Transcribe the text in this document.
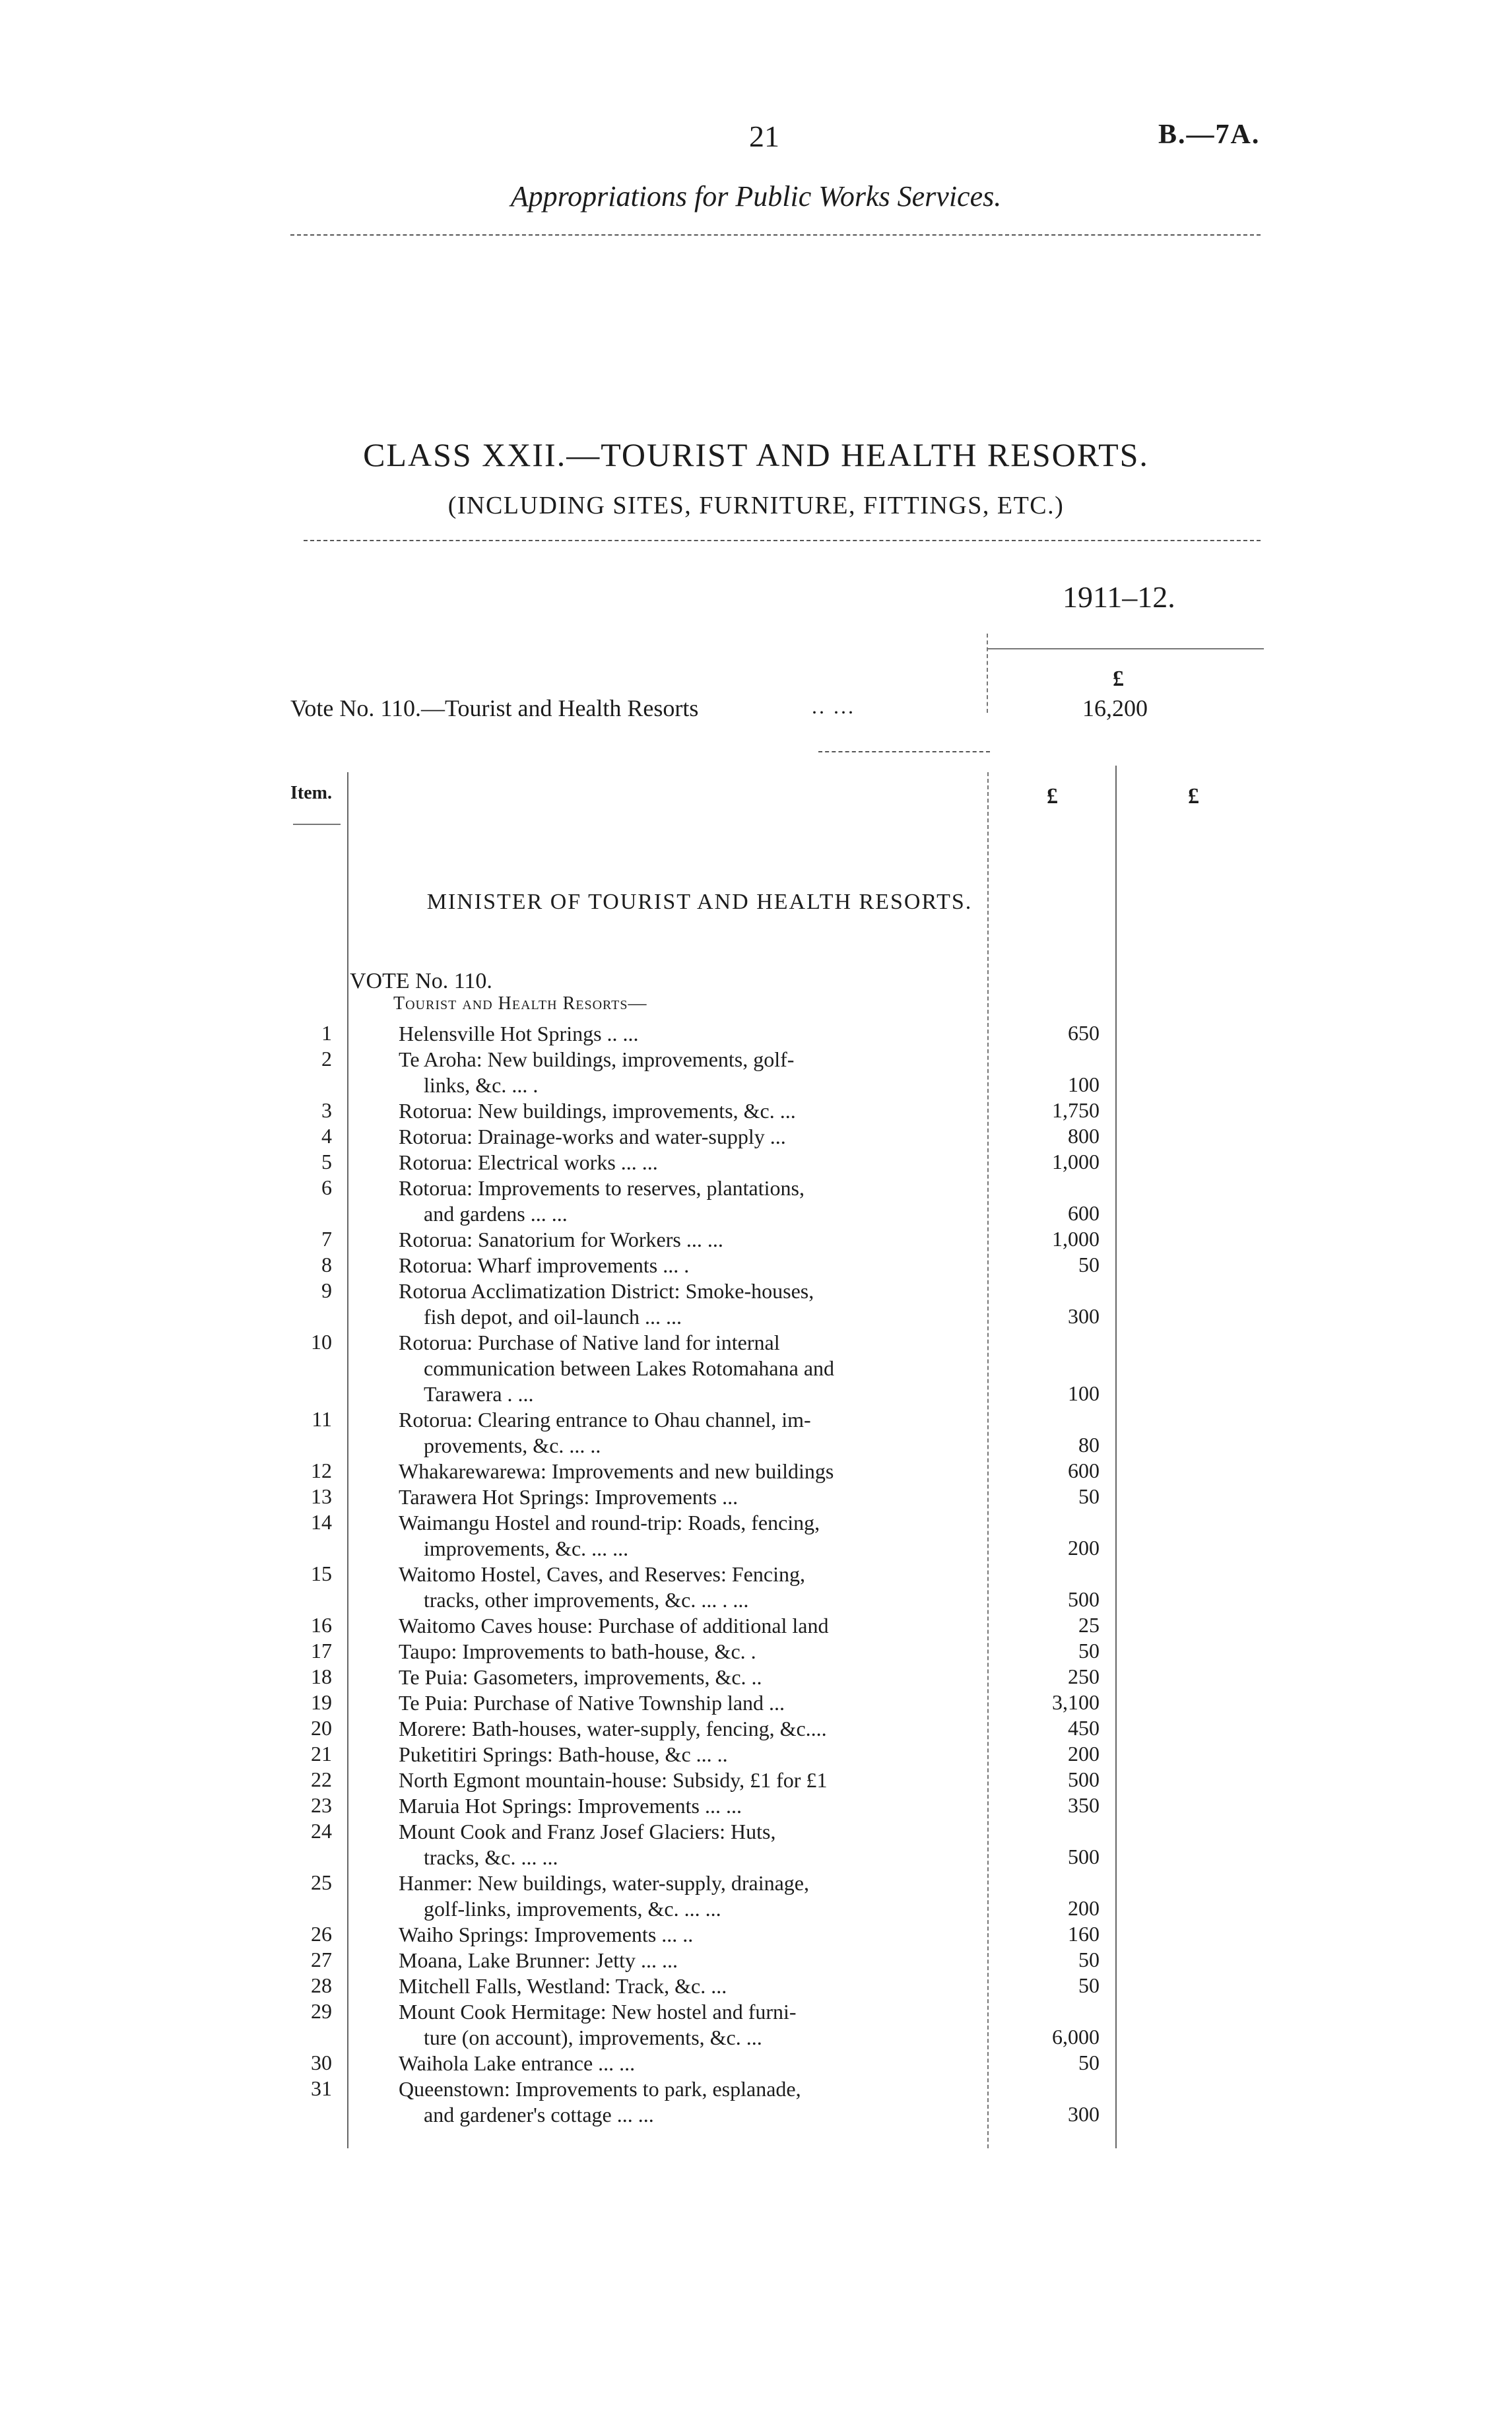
21	B.—7A.
Appropriations for Public Works Services.
CLASS XXII.—TOURIST AND HEALTH RESORTS.
(INCLUDING SITES, FURNITURE, FITTINGS, ETC.)
1911–12.
£
Vote No. 110.—Tourist and Health Resorts	.. ...	16,200
Item.	£	£
MINISTER OF TOURIST AND HEALTH RESORTS.
VOTE No. 110.
Tourist and Health Resorts—
1	Helensville Hot Springs .. ...	650
2	Te Aroha: New buildings, improvements, golf-
links, &c. ... .	100
3	Rotorua: New buildings, improvements, &c. ...	1,750
4	Rotorua: Drainage-works and water-supply ...	800
5	Rotorua: Electrical works ... ...	1,000
6	Rotorua: Improvements to reserves, plantations,
and gardens ... ...	600
7	Rotorua: Sanatorium for Workers ... ...	1,000
8	Rotorua: Wharf improvements ... .	50
9	Rotorua Acclimatization District: Smoke-houses,
fish depot, and oil-launch ... ...	300
10	Rotorua: Purchase of Native land for internal
communication between Lakes Rotomahana and
Tarawera . ...	100
11	Rotorua: Clearing entrance to Ohau channel, im-
provements, &c. ... ..	80
12	Whakarewarewa: Improvements and new buildings	600
13	Tarawera Hot Springs: Improvements ...	50
14	Waimangu Hostel and round-trip: Roads, fencing,
improvements, &c. ... ...	200
15	Waitomo Hostel, Caves, and Reserves: Fencing,
tracks, other improvements, &c. ... . ...	500
16	Waitomo Caves house: Purchase of additional land	25
17	Taupo: Improvements to bath-house, &c. .	50
18	Te Puia: Gasometers, improvements, &c. ..	250
19	Te Puia: Purchase of Native Township land ...	3,100
20	Morere: Bath-houses, water-supply, fencing, &c....	450
21	Puketitiri Springs: Bath-house, &c ... ..	200
22	North Egmont mountain-house: Subsidy, £1 for £1	500
23	Maruia Hot Springs: Improvements ... ...	350
24	Mount Cook and Franz Josef Glaciers: Huts,
tracks, &c. ... ...	500
25	Hanmer: New buildings, water-supply, drainage,
golf-links, improvements, &c. ... ...	200
26	Waiho Springs: Improvements ... ..	160
27	Moana, Lake Brunner: Jetty ... ...	50
28	Mitchell Falls, Westland: Track, &c. ...	50
29	Mount Cook Hermitage: New hostel and furni-
ture (on account), improvements, &c. ...	6,000
30	Waihola Lake entrance ... ...	50
31	Queenstown: Improvements to park, esplanade,
and gardener's cottage ... ...	300
